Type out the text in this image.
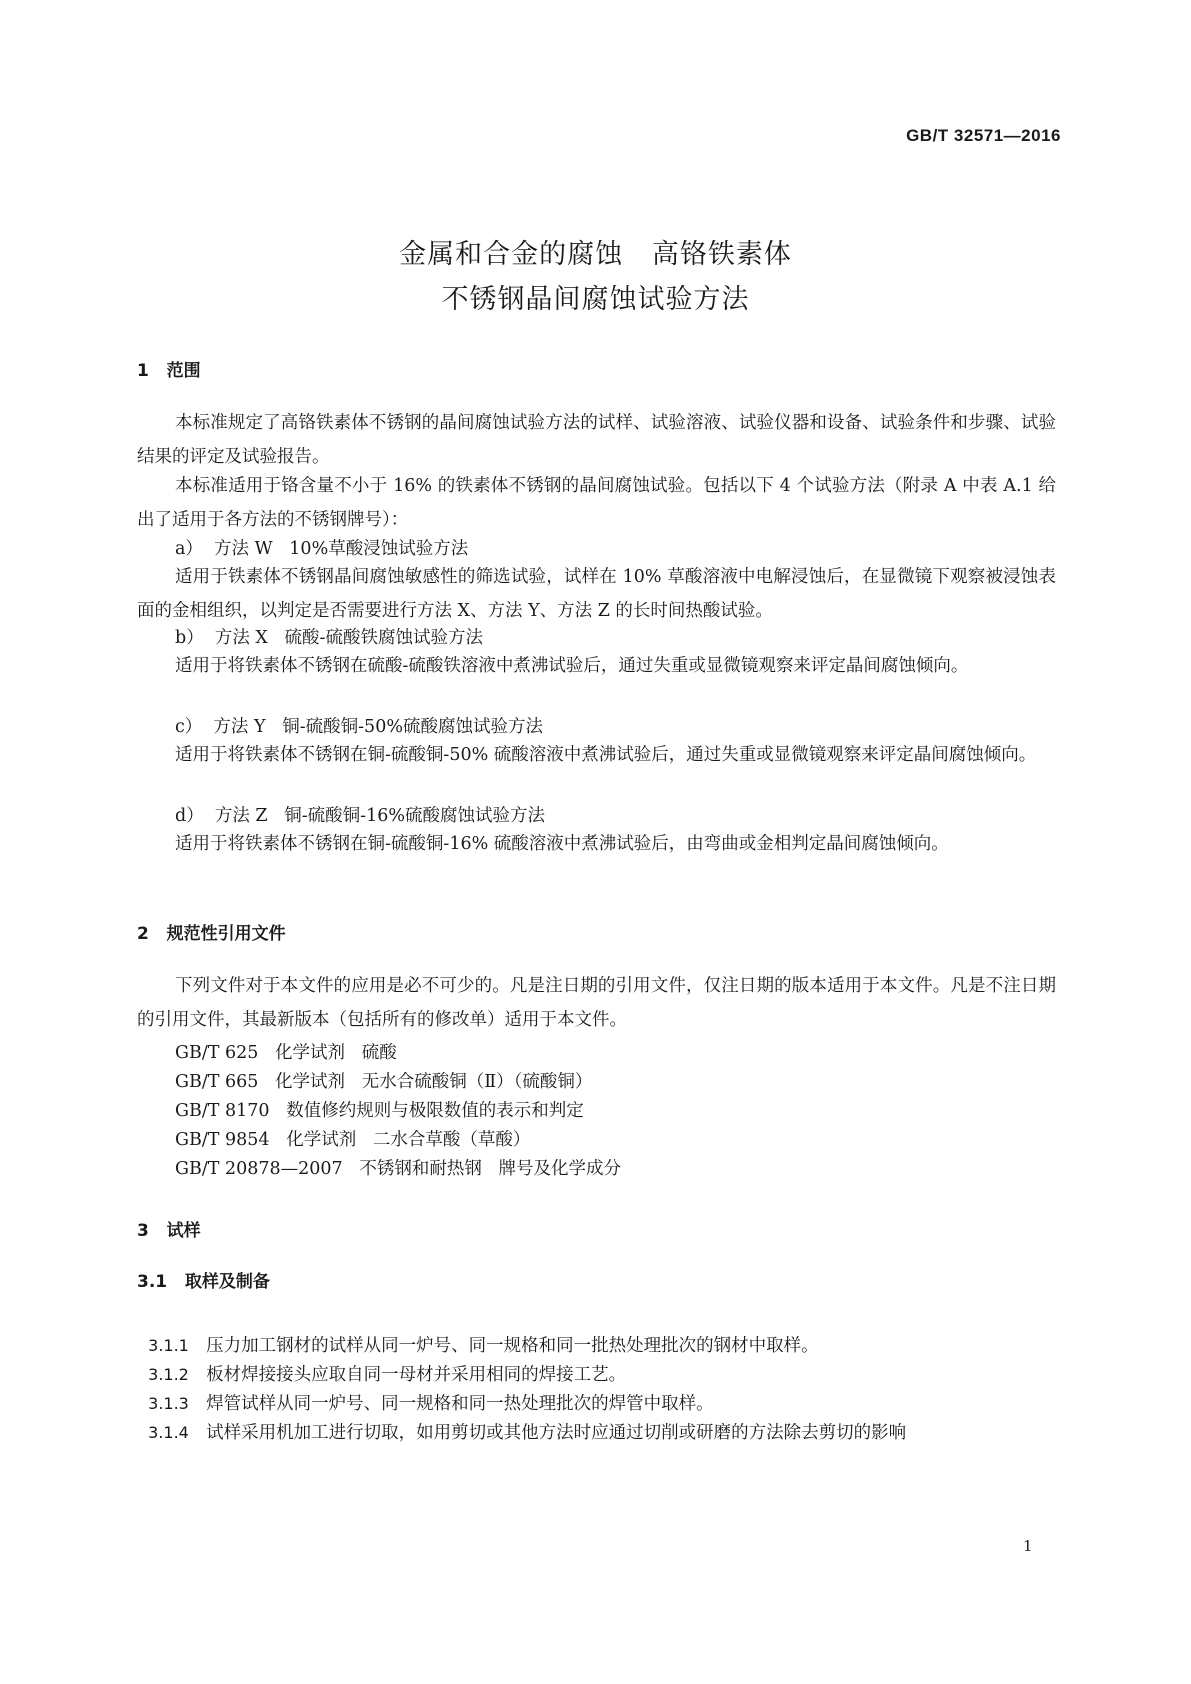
GB/T 32571—2016
金属和合金的腐蚀   高铬铁素体
不锈钢晶间腐蚀试验方法
1   范围

本标准规定了高铬铁素体不锈钢的晶间腐蚀试验方法的试样、试验溶液、试验仪器和设备、试验条件和步骤、试验结果的评定及试验报告。

本标准适用于铬含量不小于 16% 的铁素体不锈钢的晶间腐蚀试验。包括以下 4 个试验方法（附录 A 中表 A.1 给出了适用于各方法的不锈钢牌号）：

a）  方法 W   10%草酸浸蚀试验方法

适用于铁素体不锈钢晶间腐蚀敏感性的筛选试验，试样在 10% 草酸溶液中电解浸蚀后，在显微镜下观察被浸蚀表面的金相组织，以判定是否需要进行方法 X、方法 Y、方法 Z 的长时间热酸试验。

b）  方法 X   硫酸-硫酸铁腐蚀试验方法

适用于将铁素体不锈钢在硫酸-硫酸铁溶液中煮沸试验后，通过失重或显微镜观察来评定晶间腐蚀倾向。

c）  方法 Y   铜-硫酸铜-50%硫酸腐蚀试验方法

适用于将铁素体不锈钢在铜-硫酸铜-50% 硫酸溶液中煮沸试验后，通过失重或显微镜观察来评定晶间腐蚀倾向。

d）  方法 Z   铜-硫酸铜-16%硫酸腐蚀试验方法

适用于将铁素体不锈钢在铜-硫酸铜-16% 硫酸溶液中煮沸试验后，由弯曲或金相判定晶间腐蚀倾向。

2   规范性引用文件

下列文件对于本文件的应用是必不可少的。凡是注日期的引用文件，仅注日期的版本适用于本文件。凡是不注日期的引用文件，其最新版本（包括所有的修改单）适用于本文件。

GB/T 625   化学试剂   硫酸
GB/T 665   化学试剂   无水合硫酸铜（Ⅱ）（硫酸铜）
GB/T 8170   数值修约规则与极限数值的表示和判定
GB/T 9854   化学试剂   二水合草酸（草酸）
GB/T 20878—2007   不锈钢和耐热钢   牌号及化学成分
3   试样
3.1   取样及制备

3.1.1 压力加工钢材的试样从同一炉号、同一规格和同一批热处理批次的钢材中取样。

3.1.2 板材焊接接头应取自同一母材并采用相同的焊接工艺。

3.1.3 焊管试样从同一炉号、同一规格和同一热处理批次的焊管中取样。

3.1.4 试样采用机加工进行切取，如用剪切或其他方法时应通过切削或研磨的方法除去剪切的影响

1
